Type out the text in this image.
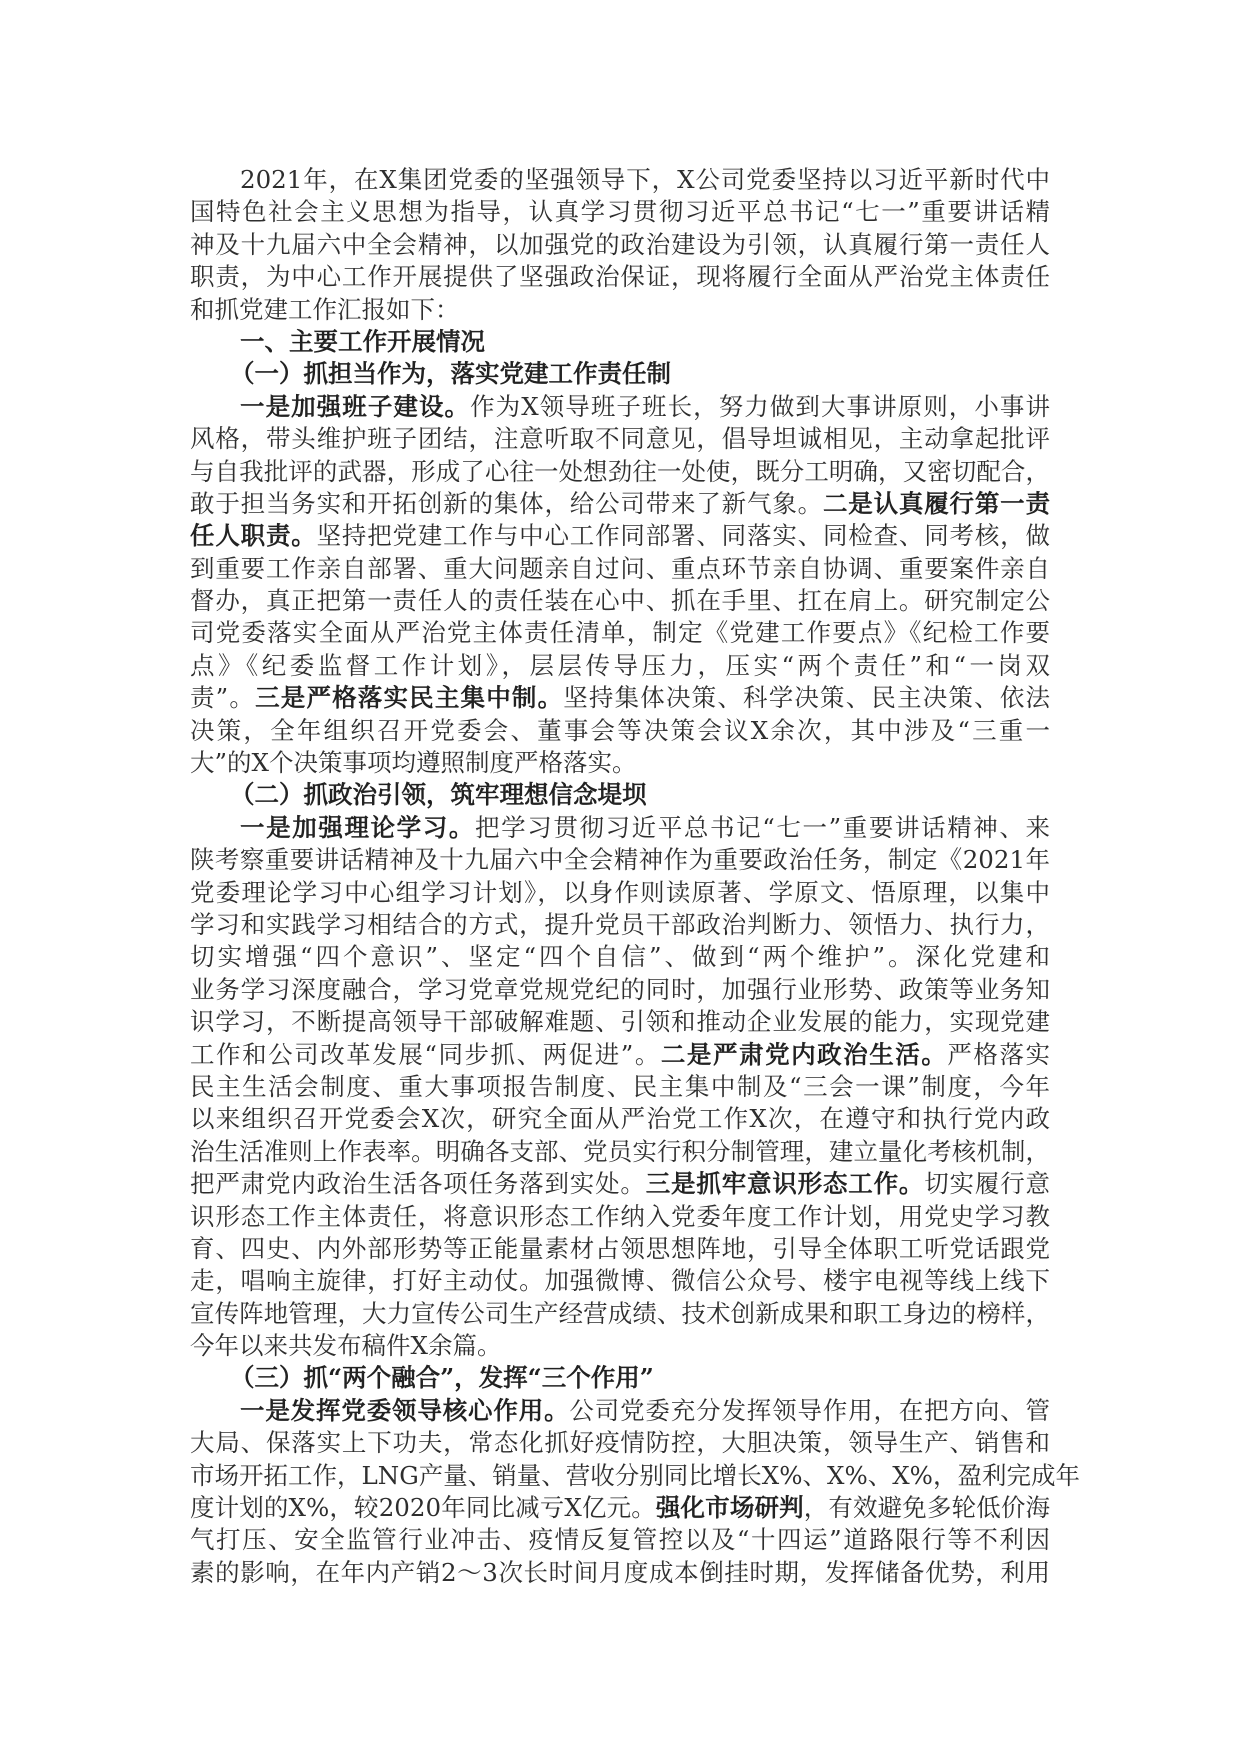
2021年，在X集团党委的坚强领导下，X公司党委坚持以习近平新时代中
国特色社会主义思想为指导，认真学习贯彻习近平总书记“七一”重要讲话精
神及十九届六中全会精神，以加强党的政治建设为引领，认真履行第一责任人
职责，为中心工作开展提供了坚强政治保证，现将履行全面从严治党主体责任
和抓党建工作汇报如下：
一、主要工作开展情况
（一）抓担当作为，落实党建工作责任制
一是加强班子建设。作为X领导班子班长，努力做到大事讲原则，小事讲
风格，带头维护班子团结，注意听取不同意见，倡导坦诚相见，主动拿起批评
与自我批评的武器，形成了心往一处想劲往一处使，既分工明确，又密切配合，
敢于担当务实和开拓创新的集体，给公司带来了新气象。二是认真履行第一责
任人职责。坚持把党建工作与中心工作同部署、同落实、同检查、同考核，做
到重要工作亲自部署、重大问题亲自过问、重点环节亲自协调、重要案件亲自
督办，真正把第一责任人的责任装在心中、抓在手里、扛在肩上。研究制定公
司党委落实全面从严治党主体责任清单，制定《党建工作要点》《纪检工作要
点》《纪委监督工作计划》，层层传导压力，压实“两个责任”和“一岗双
责”。三是严格落实民主集中制。坚持集体决策、科学决策、民主决策、依法
决策，全年组织召开党委会、董事会等决策会议X余次，其中涉及“三重一
大”的X个决策事项均遵照制度严格落实。
（二）抓政治引领，筑牢理想信念堤坝
一是加强理论学习。把学习贯彻习近平总书记“七一”重要讲话精神、来
陕考察重要讲话精神及十九届六中全会精神作为重要政治任务，制定《2021年
党委理论学习中心组学习计划》，以身作则读原著、学原文、悟原理，以集中
学习和实践学习相结合的方式，提升党员干部政治判断力、领悟力、执行力，
切实增强“四个意识”、坚定“四个自信”、做到“两个维护”。深化党建和
业务学习深度融合，学习党章党规党纪的同时，加强行业形势、政策等业务知
识学习，不断提高领导干部破解难题、引领和推动企业发展的能力，实现党建
工作和公司改革发展“同步抓、两促进”。二是严肃党内政治生活。严格落实
民主生活会制度、重大事项报告制度、民主集中制及“三会一课”制度，今年
以来组织召开党委会X次，研究全面从严治党工作X次，在遵守和执行党内政
治生活准则上作表率。明确各支部、党员实行积分制管理，建立量化考核机制，
把严肃党内政治生活各项任务落到实处。三是抓牢意识形态工作。切实履行意
识形态工作主体责任，将意识形态工作纳入党委年度工作计划，用党史学习教
育、四史、内外部形势等正能量素材占领思想阵地，引导全体职工听党话跟党
走，唱响主旋律，打好主动仗。加强微博、微信公众号、楼宇电视等线上线下
宣传阵地管理，大力宣传公司生产经营成绩、技术创新成果和职工身边的榜样，
今年以来共发布稿件X余篇。
（三）抓“两个融合”，发挥“三个作用”
一是发挥党委领导核心作用。公司党委充分发挥领导作用，在把方向、管
大局、保落实上下功夫，常态化抓好疫情防控，大胆决策，领导生产、销售和
市场开拓工作，LNG产量、销量、营收分别同比增长X%、X%、X%，盈利完成年
度计划的X%，较2020年同比减亏X亿元。强化市场研判，有效避免多轮低价海
气打压、安全监管行业冲击、疫情反复管控以及“十四运”道路限行等不利因
素的影响，在年内产销2～3次长时间月度成本倒挂时期，发挥储备优势，利用
